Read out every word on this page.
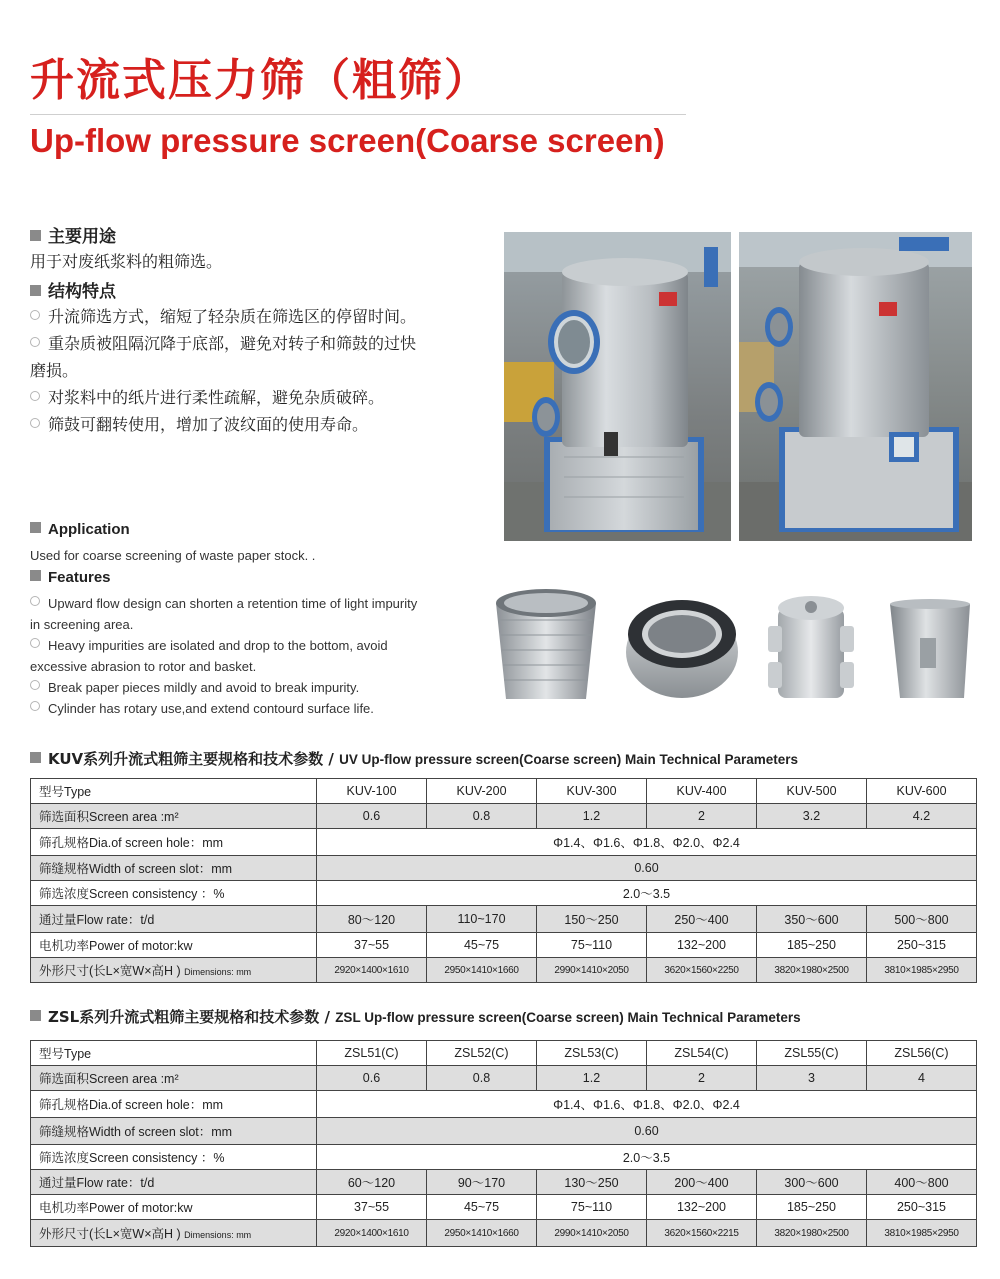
升流式压力筛（粗筛）
Up-flow pressure screen(Coarse screen)
主要用途
用于对废纸浆料的粗筛选。
结构特点
升流筛选方式，缩短了轻杂质在筛选区的停留时间。
重杂质被阻隔沉降于底部，避免对转子和筛鼓的过快磨损。
对浆料中的纸片进行柔性疏解，避免杂质破碎。
筛鼓可翻转使用，增加了波纹面的使用寿命。
Application
Used for coarse screening of waste paper stock. .
Features
Upward flow design can shorten a retention time of light impurity in screening area.
Heavy impurities are isolated and drop to the bottom, avoid excessive abrasion to rotor and basket.
Break paper pieces mildly and avoid to break impurity.
Cylinder has rotary use,and extend contourd surface life.
KUV系列升流式粗筛主要规格和技术参数 / UV Up-flow pressure screen(Coarse screen) Main Technical Parameters
型号Type	KUV-100	KUV-200	KUV-300	KUV-400	KUV-500	KUV-600
筛选面积Screen area :m²	0.6	0.8	1.2	2	3.2	4.2
筛孔规格Dia.of screen hole：mm	Φ1.4、Φ1.6、Φ1.8、Φ2.0、Φ2.4					
筛缝规格Width of screen slot：mm	0.60					
筛选浓度Screen consistency ：%	2.0～3.5					
通过量Flow rate：t/d	80～120	110~170	150～250	250～400	350～600	500～800
电机功率Power of motor:kw	37~55	45~75	75~110	132~200	185~250	250~315
外形尺寸(长L×宽W×高H ) Dimensions: mm	2920×1400×1610	2950×1410×1660	2990×1410×2050	3620×1560×2250	3820×1980×2500	3810×1985×2950
ZSL系列升流式粗筛主要规格和技术参数 / ZSL Up-flow pressure screen(Coarse screen) Main Technical Parameters
型号Type	ZSL51(C)	ZSL52(C)	ZSL53(C)	ZSL54(C)	ZSL55(C)	ZSL56(C)
筛选面积Screen area :m²	0.6	0.8	1.2	2	3	4
筛孔规格Dia.of screen hole：mm	Φ1.4、Φ1.6、Φ1.8、Φ2.0、Φ2.4					
筛缝规格Width of screen slot：mm	0.60					
筛选浓度Screen consistency ：%	2.0～3.5					
通过量Flow rate：t/d	60～120	90～170	130～250	200～400	300～600	400～800
电机功率Power of motor:kw	37~55	45~75	75~110	132~200	185~250	250~315
外形尺寸(长L×宽W×高H ) Dimensions: mm	2920×1400×1610	2950×1410×1660	2990×1410×2050	3620×1560×2215	3820×1980×2500	3810×1985×2950
